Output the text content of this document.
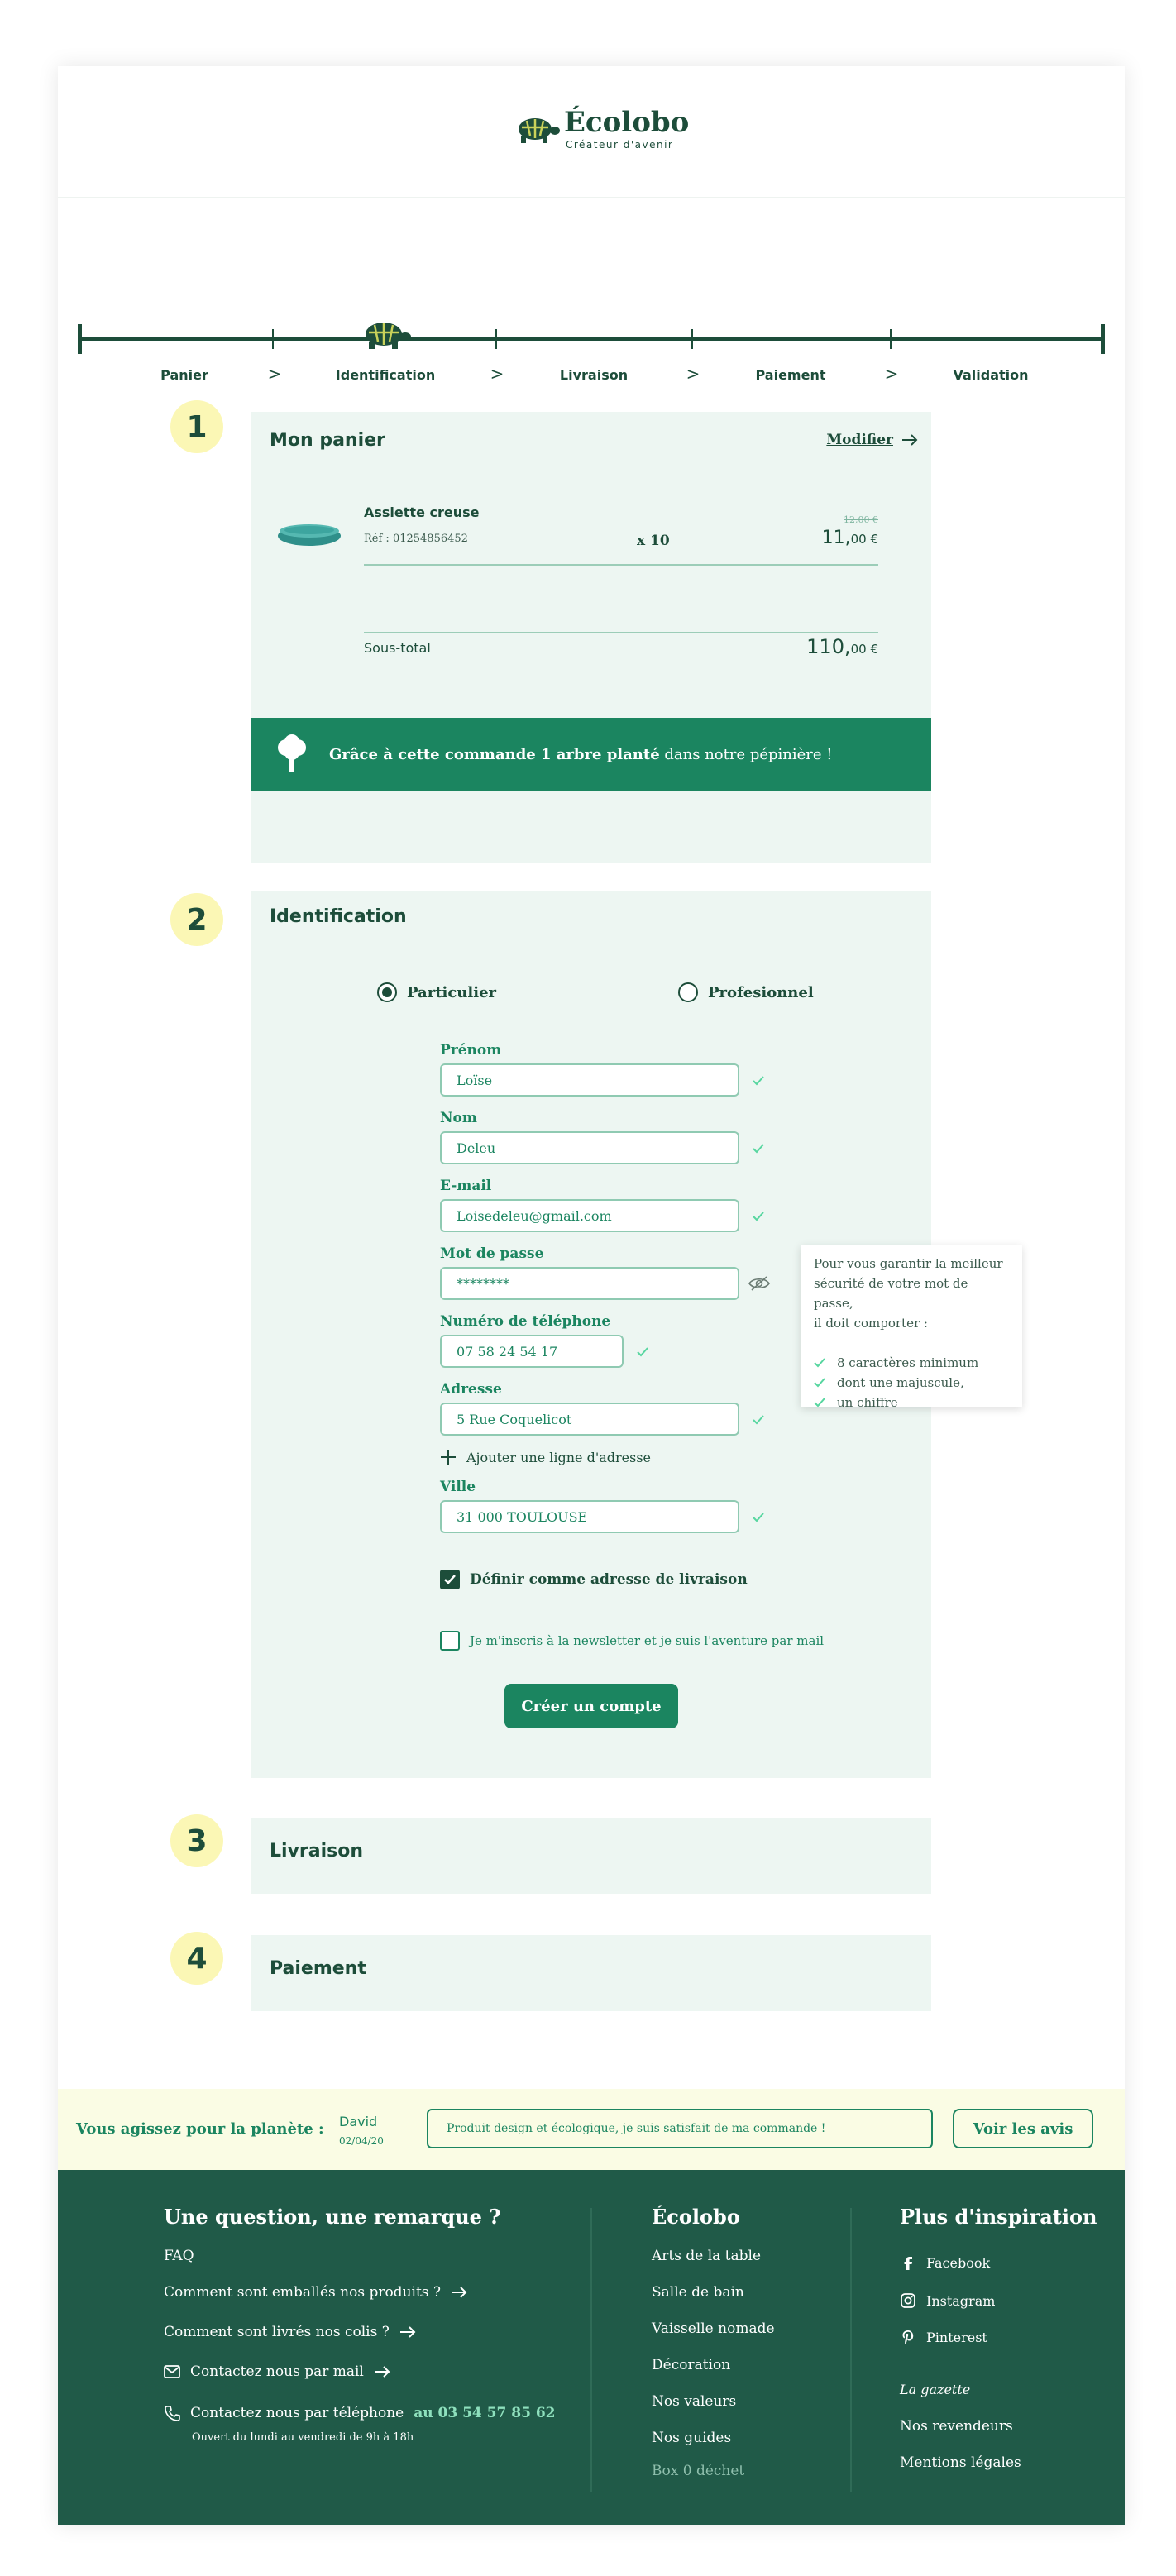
Écolobo
Créateur d'avenir
Panier	>	Identification	>	Livraison	>	Paiement	>	Validation
1	Mon panier	Modifier
Assiette creuse
Réf : 01254856452	x 10
12,00 €
11,00 €
Sous-total	110,00 €
Grâce à cette commande 1 arbre planté dans notre pépinière !
2	Identification
Particulier	Profesionnel
Prénom
Loïse
Nom
Deleu
E-mail
Loisedeleu@gmail.com
Mot de passe
********
Numéro de téléphone
07 58 24 54 17
Adresse
5 Rue Coquelicot
Ajouter une ligne d'adresse
Ville
31 000 TOULOUSE
Pour vous garantir la meilleur
sécurité de votre mot de passe,
il doit comporter :
8 caractères minimum
dont une majuscule,
un chiffre
Définir comme adresse de livraison
Je m'inscris à la newsletter et je suis l'aventure par mail
Créer un compte
3	Livraison
4	Paiement
Vous agissez pour la planète : David
02/04/20
Produit design et écologique, je suis satisfait de ma commande !	Voir les avis
Une question, une remarque ?
FAQ
Comment sont emballés nos produits ?
Comment sont livrés nos colis ?
Contactez nous par mail
Contactez nous par téléphone au 03 54 57 85 62
Ouvert du lundi au vendredi de 9h à 18h
Écolobo
Arts de la table
Salle de bain
Vaisselle nomade
Décoration
Nos valeurs
Nos guides
Box 0 déchet
Plus d'inspiration
Facebook
Instagram
Pinterest
La gazette
Nos revendeurs
Mentions légales
